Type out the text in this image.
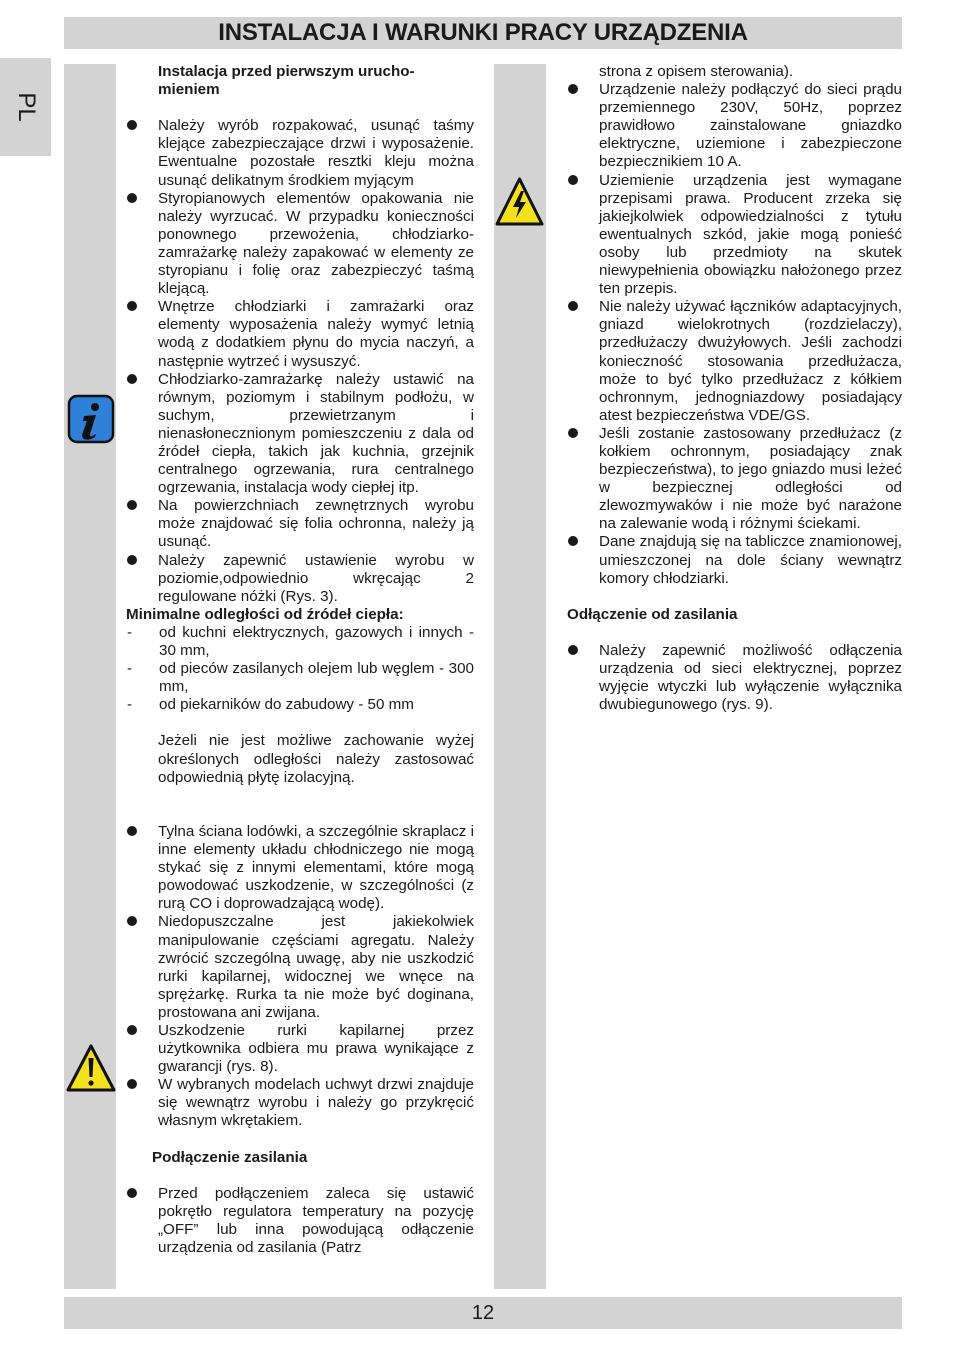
INSTALACJA I WARUNKI PRACY URZĄDZENIA
PL

Instalacja przed pierwszym urucho-
mieniem

Należy wyrób rozpakować, usunąć taśmy klejące zabezpieczające drzwi i wyposażenie. Ewentualne pozostałe resztki kleju można usunąć delikatnym środkiem myjącym
Styropianowych elementów opakowania nie należy wyrzucać. W przypadku konieczności ponownego przewożenia, chłodziarko-zamrażarkę należy zapakować w elementy ze styropianu i folię oraz zabezpieczyć taśmą klejącą.
Wnętrze chłodziarki i zamrażarki oraz elementy wyposażenia należy wymyć letnią wodą z dodatkiem płynu do mycia naczyń, a następnie wytrzeć i wysuszyć.
Chłodziarko-zamrażarkę należy ustawić na równym, poziomym i stabilnym podłożu, w suchym, przewietrzanym i nienasłonecznionym pomieszczeniu z dala od źródeł ciepła, takich jak kuchnia, grzejnik centralnego ogrzewania, rura centralnego ogrzewania, instalacja wody ciepłej itp.
Na powierzchniach zewnętrznych wyrobu może znajdować się folia ochronna, należy ją usunąć.
Należy zapewnić ustawienie wyrobu w poziomie,odpowiednio wkręcając 2 regulowane nóżki (Rys. 3).

Minimalne odległości od źródeł ciepła:

-	od kuchni elektrycznych, gazowych i innych - 30 mm,
-	od pieców zasilanych olejem lub węglem - 300 mm,
-	od piekarników do zabudowy - 50 mm

Jeżeli nie jest możliwe zachowanie wyżej określonych odległości należy zastosować odpowiednią płytę izolacyjną.

Tylna ściana lodówki, a szczególnie skraplacz i inne elementy układu chłodniczego nie mogą stykać się z innymi elementami, które mogą powodować uszkodzenie, w szczególności (z rurą CO i doprowadzającą wodę).
Niedopuszczalne jest jakiekolwiek manipulowanie częściami agregatu. Należy zwrócić szczególną uwagę, aby nie uszkodzić rurki kapilarnej, widocznej we wnęce na sprężarkę. Rurka ta nie może być doginana, prostowana ani zwijana.
Uszkodzenie rurki kapilarnej przez użytkownika odbiera mu prawa wynikające z gwarancji (rys. 8).
W wybranych modelach uchwyt drzwi znajduje się wewnątrz wyrobu i należy go przykręcić własnym wkrętakiem.

Podłączenie zasilania

Przed podłączeniem zaleca się ustawić pokrętło regulatora temperatury na pozycję „OFF” lub inna powodującą odłączenie urządzenia od zasilania (Patrz

strona z opisem sterowania).

Urządzenie należy podłączyć do sieci prądu przemiennego 230V, 50Hz, poprzez prawidłowo zainstalowane gniazdko elektryczne, uziemione i zabezpieczone bezpiecznikiem 10 A.
Uziemienie urządzenia jest wymagane przepisami prawa. Producent zrzeka się jakiejkolwiek odpowiedzialności z tytułu ewentualnych szkód, jakie mogą ponieść osoby lub przedmioty na skutek niewypełnienia obowiązku nałożonego przez ten przepis.
Nie należy używać łączników adaptacyjnych, gniazd wielokrotnych (rozdzielaczy), przedłużaczy dwużyłowych. Jeśli zachodzi konieczność stosowania przedłużacza, może to być tylko przedłużacz z kółkiem ochronnym, jednogniazdowy posiadający atest bezpieczeństwa VDE/GS.
Jeśli zostanie zastosowany przedłużacz (z kołkiem ochronnym, posiadający znak bezpieczeństwa), to jego gniazdo musi leżeć w bezpiecznej odległości od zlewozmywaków i nie może być narażone na zalewanie wodą i różnymi ściekami.
Dane znajdują się na tabliczce znamionowej, umieszczonej na dole ściany wewnątrz komory chłodziarki.

Odłączenie od zasilania

Należy zapewnić możliwość odłączenia urządzenia od sieci elektrycznej, poprzez wyjęcie wtyczki lub wyłączenie wyłącznika dwubiegunowego (rys. 9).
12
